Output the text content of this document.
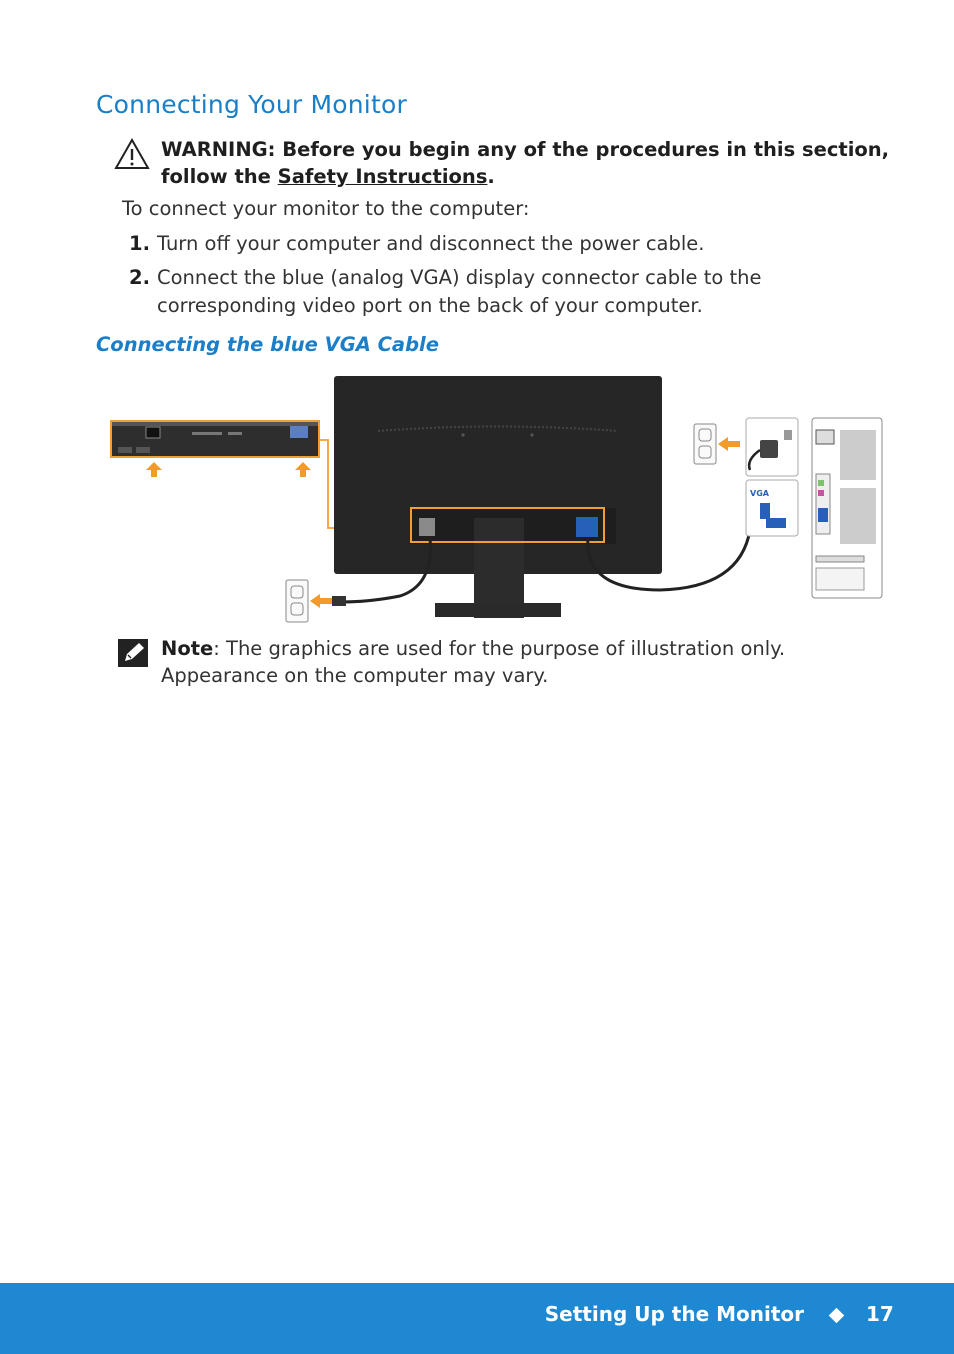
Connecting Your Monitor
WARNING: Before you begin any of the procedures in this section, follow the Safety Instructions.
To connect your monitor to the computer:
1. Turn off your computer and disconnect the power cable.
2. Connect the blue (analog VGA) display connector cable to the corresponding video port on the back of your computer.
Connecting the blue VGA Cable
VGA
Note: The graphics are used for the purpose of illustration only. Appearance on the computer may vary.
Setting Up the Monitor	17
